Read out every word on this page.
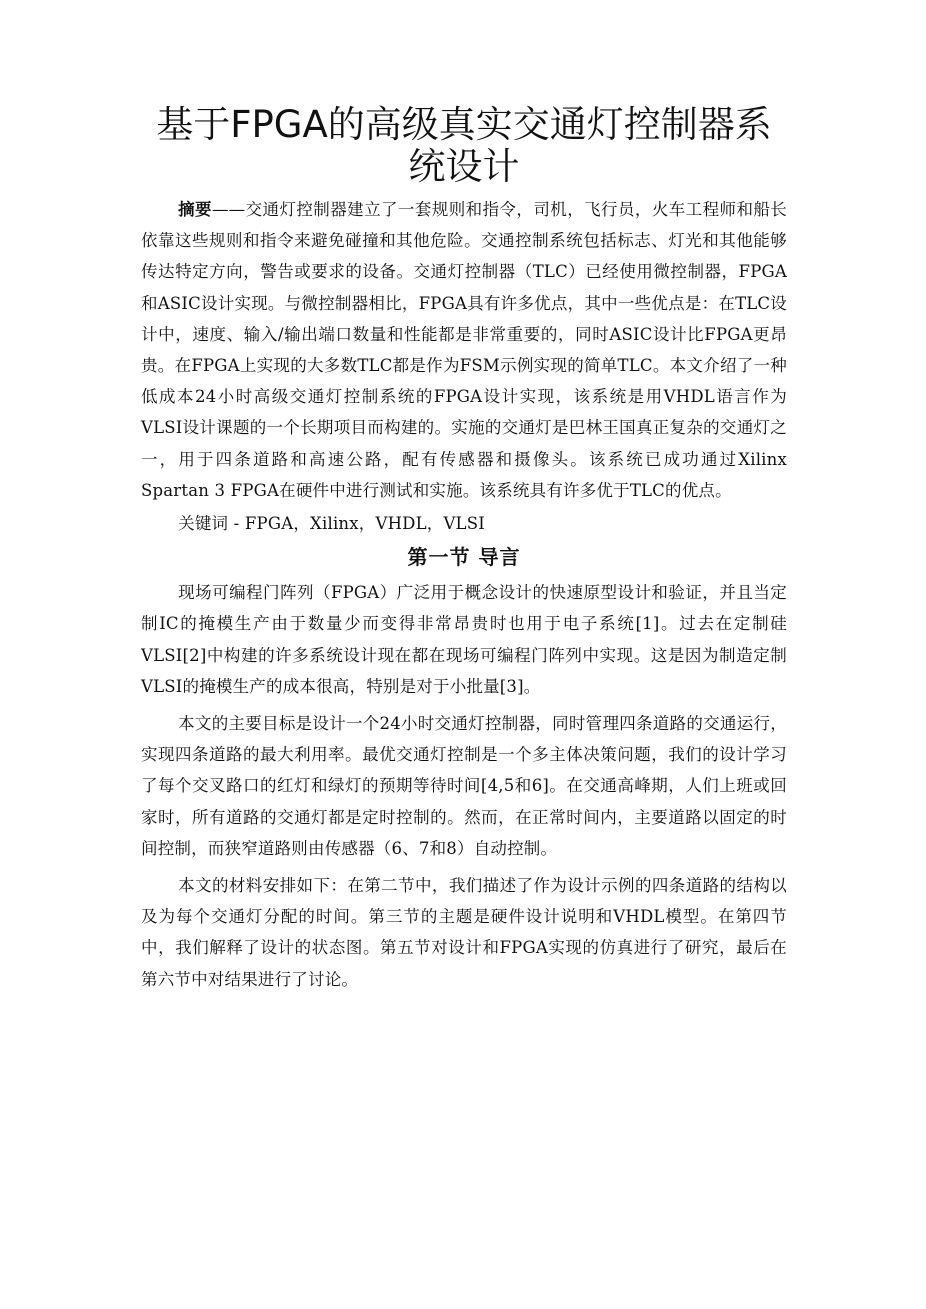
基于FPGA的高级真实交通灯控制器系
统设计

摘要——交通灯控制器建立了一套规则和指令，司机，飞行员，火车工程师和船长依靠这些规则和指令来避免碰撞和其他危险。交通控制系统包括标志、灯光和其他能够传达特定方向，警告或要求的设备。交通灯控制器（TLC）已经使用微控制器，FPGA和ASIC设计实现。与微控制器相比，FPGA具有许多优点，其中一些优点是：在TLC设计中，速度、输入/输出端口数量和性能都是非常重要的，同时ASIC设计比FPGA更昂贵。在FPGA上实现的大多数TLC都是作为FSM示例实现的简单TLC。本文介绍了一种低成本24小时高级交通灯控制系统的FPGA设计实现，该系统是用VHDL语言作为VLSI设计课题的一个长期项目而构建的。实施的交通灯是巴林王国真正复杂的交通灯之一，用于四条道路和高速公路，配有传感器和摄像头。该系统已成功通过Xilinx Spartan 3 FPGA在硬件中进行测试和实施。该系统具有许多优于TLC的优点。

关键词 - FPGA，Xilinx，VHDL，VLSI

第一节 导言

现场可编程门阵列（FPGA）广泛用于概念设计的快速原型设计和验证，并且当定制IC的掩模生产由于数量少而变得非常昂贵时也用于电子系统[1]。过去在定制硅VLSI[2]中构建的许多系统设计现在都在现场可编程门阵列中实现。这是因为制造定制VLSI的掩模生产的成本很高，特别是对于小批量[3]。

本文的主要目标是设计一个24小时交通灯控制器，同时管理四条道路的交通运行，实现四条道路的最大利用率。最优交通灯控制是一个多主体决策问题，我们的设计学习了每个交叉路口的红灯和绿灯的预期等待时间[4,5和6]。在交通高峰期，人们上班或回家时，所有道路的交通灯都是定时控制的。然而，在正常时间内，主要道路以固定的时间控制，而狭窄道路则由传感器（6、7和8）自动控制。

本文的材料安排如下：在第二节中，我们描述了作为设计示例的四条道路的结构以及为每个交通灯分配的时间。第三节的主题是硬件设计说明和VHDL模型。在第四节中，我们解释了设计的状态图。第五节对设计和FPGA实现的仿真进行了研究，最后在第六节中对结果进行了讨论。
